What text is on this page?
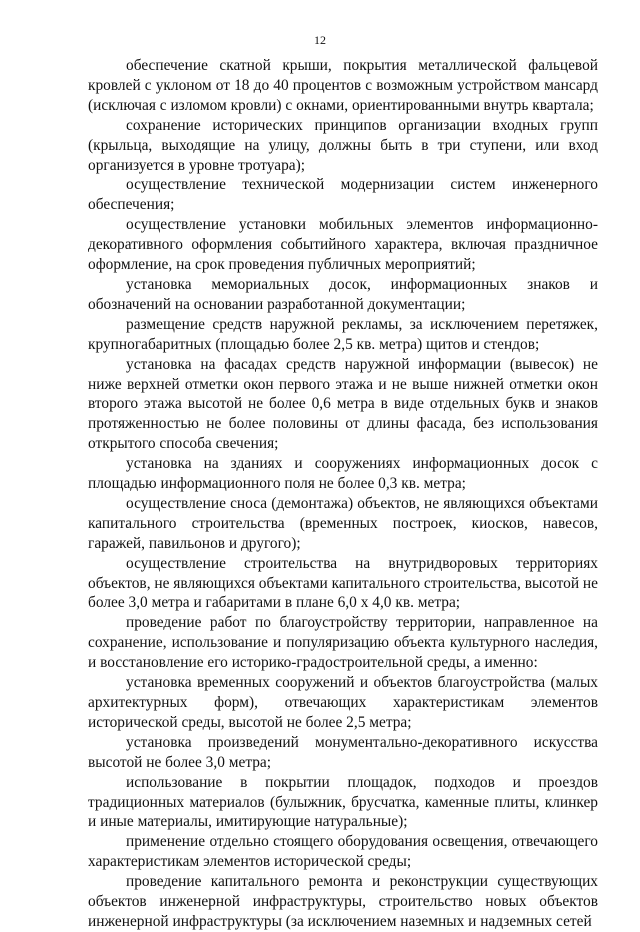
12

обеспечение скатной крыши, покрытия металлической фальцевой кровлей с уклоном от 18 до 40 процентов с возможным устройством мансард (исключая с изломом кровли) с окнами, ориентированными внутрь квартала;

сохранение исторических принципов организации входных групп (крыльца, выходящие на улицу, должны быть в три ступени, или вход организуется в уровне тротуара);

осуществление технической модернизации систем инженерного обеспечения;

осуществление установки мобильных элементов информационно-декоративного оформления событийного характера, включая праздничное оформление, на срок проведения публичных мероприятий;

установка мемориальных досок, информационных знаков и обозначений на основании разработанной документации;

размещение средств наружной рекламы, за исключением перетяжек, крупногабаритных (площадью более 2,5 кв. метра) щитов и стендов;

установка на фасадах средств наружной информации (вывесок) не ниже верхней отметки окон первого этажа и не выше нижней отметки окон второго этажа высотой не более 0,6 метра в виде отдельных букв и знаков протяженностью не более половины от длины фасада, без использования открытого способа свечения;

установка на зданиях и сооружениях информационных досок с площадью информационного поля не более 0,3 кв. метра;

осуществление сноса (демонтажа) объектов, не являющихся объектами капитального строительства (временных построек, киосков, навесов, гаражей, павильонов и другого);

осуществление строительства на внутридворовых территориях объектов, не являющихся объектами капитального строительства, высотой не более 3,0 метра и габаритами в плане 6,0 х 4,0 кв. метра;

проведение работ по благоустройству территории, направленное на сохранение, использование и популяризацию объекта культурного наследия, и восстановление его историко-градостроительной среды, а именно:

установка временных сооружений и объектов благоустройства (малых архитектурных форм), отвечающих характеристикам элементов исторической среды, высотой не более 2,5 метра;

установка произведений монументально-декоративного искусства высотой не более 3,0 метра;

использование в покрытии площадок, подходов и проездов традиционных материалов (булыжник, брусчатка, каменные плиты, клинкер и иные материалы, имитирующие натуральные);

применение отдельно стоящего оборудования освещения, отвечающего характеристикам элементов исторической среды;

проведение капитального ремонта и реконструкции существующих объектов инженерной инфраструктуры, строительство новых объектов инженерной инфраструктуры (за исключением наземных и надземных сетей
